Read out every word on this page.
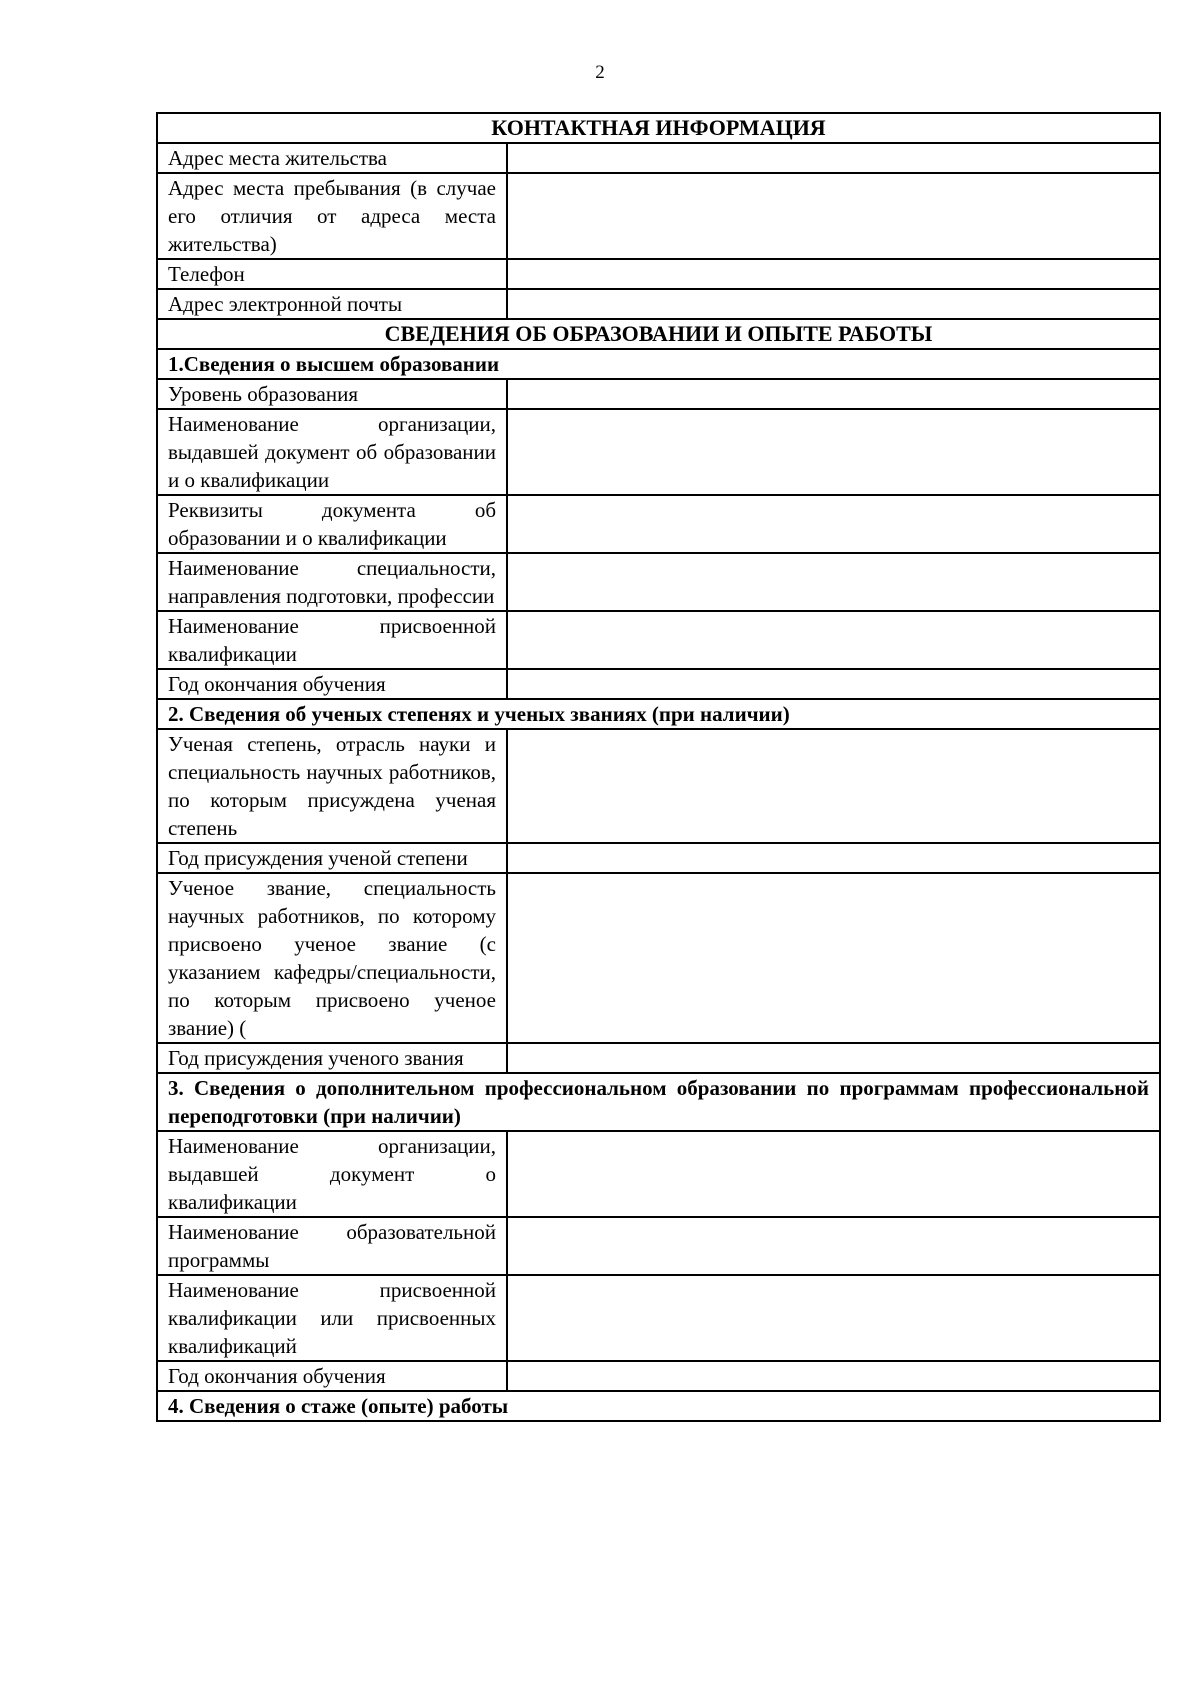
2
КОНТАКТНАЯ ИНФОРМАЦИЯ	
Адрес места жительства	
Адрес места пребывания (в случае его отличия от адреса места жительства)	
Телефон	
Адрес электронной почты	
СВЕДЕНИЯ ОБ ОБРАЗОВАНИИ И ОПЫТЕ РАБОТЫ	
1.Сведения о высшем образовании	
Уровень образования	
Наименование организации, выдавшей документ об образовании и о квалификации	
Реквизиты документа об образовании и о квалификации	
Наименование специальности, направления подготовки, профессии	
Наименование присвоенной квалификации	
Год окончания обучения	
2. Сведения об ученых степенях и ученых званиях (при наличии)	
Ученая степень, отрасль науки и специальность научных работников, по которым присуждена ученая степень	
Год присуждения ученой степени	
Ученое звание, специальность научных работников, по которому присвоено ученое звание (с указанием кафедры/специальности, по которым присвоено ученое звание) (	
Год присуждения ученого звания	
3. Сведения о дополнительном профессиональном образовании по программам профессиональной переподготовки (при наличии)	
Наименование организации, выдавшей документ о квалификации	
Наименование образовательной программы	
Наименование присвоенной квалификации или присвоенных квалификаций	
Год окончания обучения	
4. Сведения о стаже (опыте) работы	
